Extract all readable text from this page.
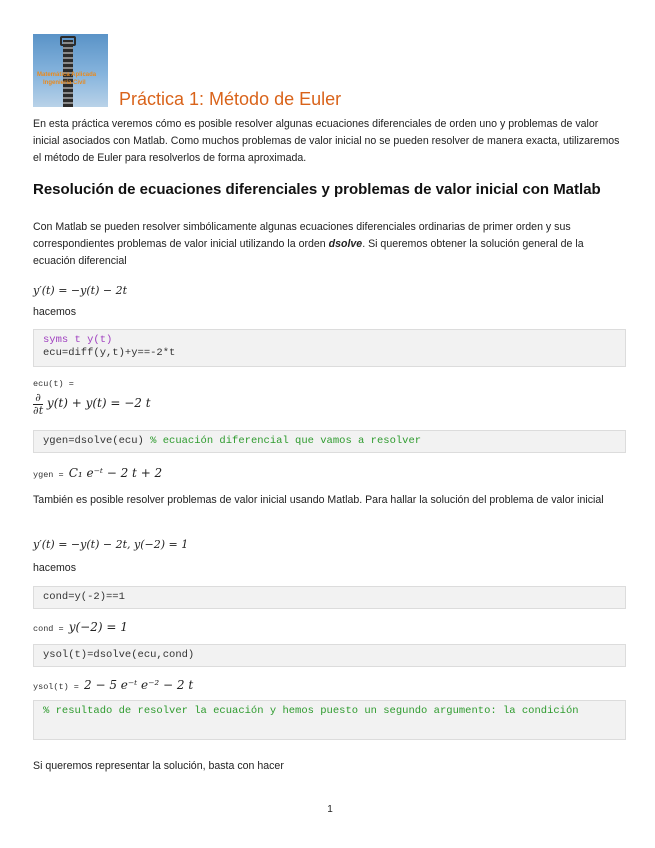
Matemática Aplicada
Ingeniería Civil
Práctica 1: Método de Euler

En esta práctica veremos cómo es posible resolver algunas ecuaciones diferenciales de orden uno y problemas de valor inicial asociados con Matlab. Como muchos problemas de valor inicial no se pueden resolver de manera exacta, utilizaremos el método de Euler para resolverlos de forma aproximada.

Resolución de ecuaciones diferenciales y problemas de valor inicial con Matlab

Con Matlab se pueden resolver simbólicamente algunas ecuaciones diferenciales ordinarias de primer orden y sus correspondientes problemas de valor inicial utilizando la orden dsolve. Si queremos obtener la solución general de la ecuación diferencial

y′(t) = −y(t) − 2t
hacemos
syms t y(t)
ecu=diff(y,t)+y==-2*t
ecu(t) =
$\frac{\partial}{\partial t} y(t) + y(t) = -2$ t
ygen=dsolve(ecu) % ecuación diferencial que vamos a resolver
ygen = C₁ e⁻ᵗ − 2 t + 2

También es posible resolver problemas de valor inicial usando Matlab. Para hallar la solución del problema de valor inicial

y′(t) = −y(t) − 2t, y(−2) = 1
hacemos
cond=y(-2)==1
cond = y(−2) = 1
ysol(t)=dsolve(ecu,cond)
ysol(t) = 2 − 5 e⁻ᵗ e⁻² − 2 t
% resultado de resolver la ecuación y hemos puesto un segundo argumento: la condición

Si queremos representar la solución, basta con hacer

1
